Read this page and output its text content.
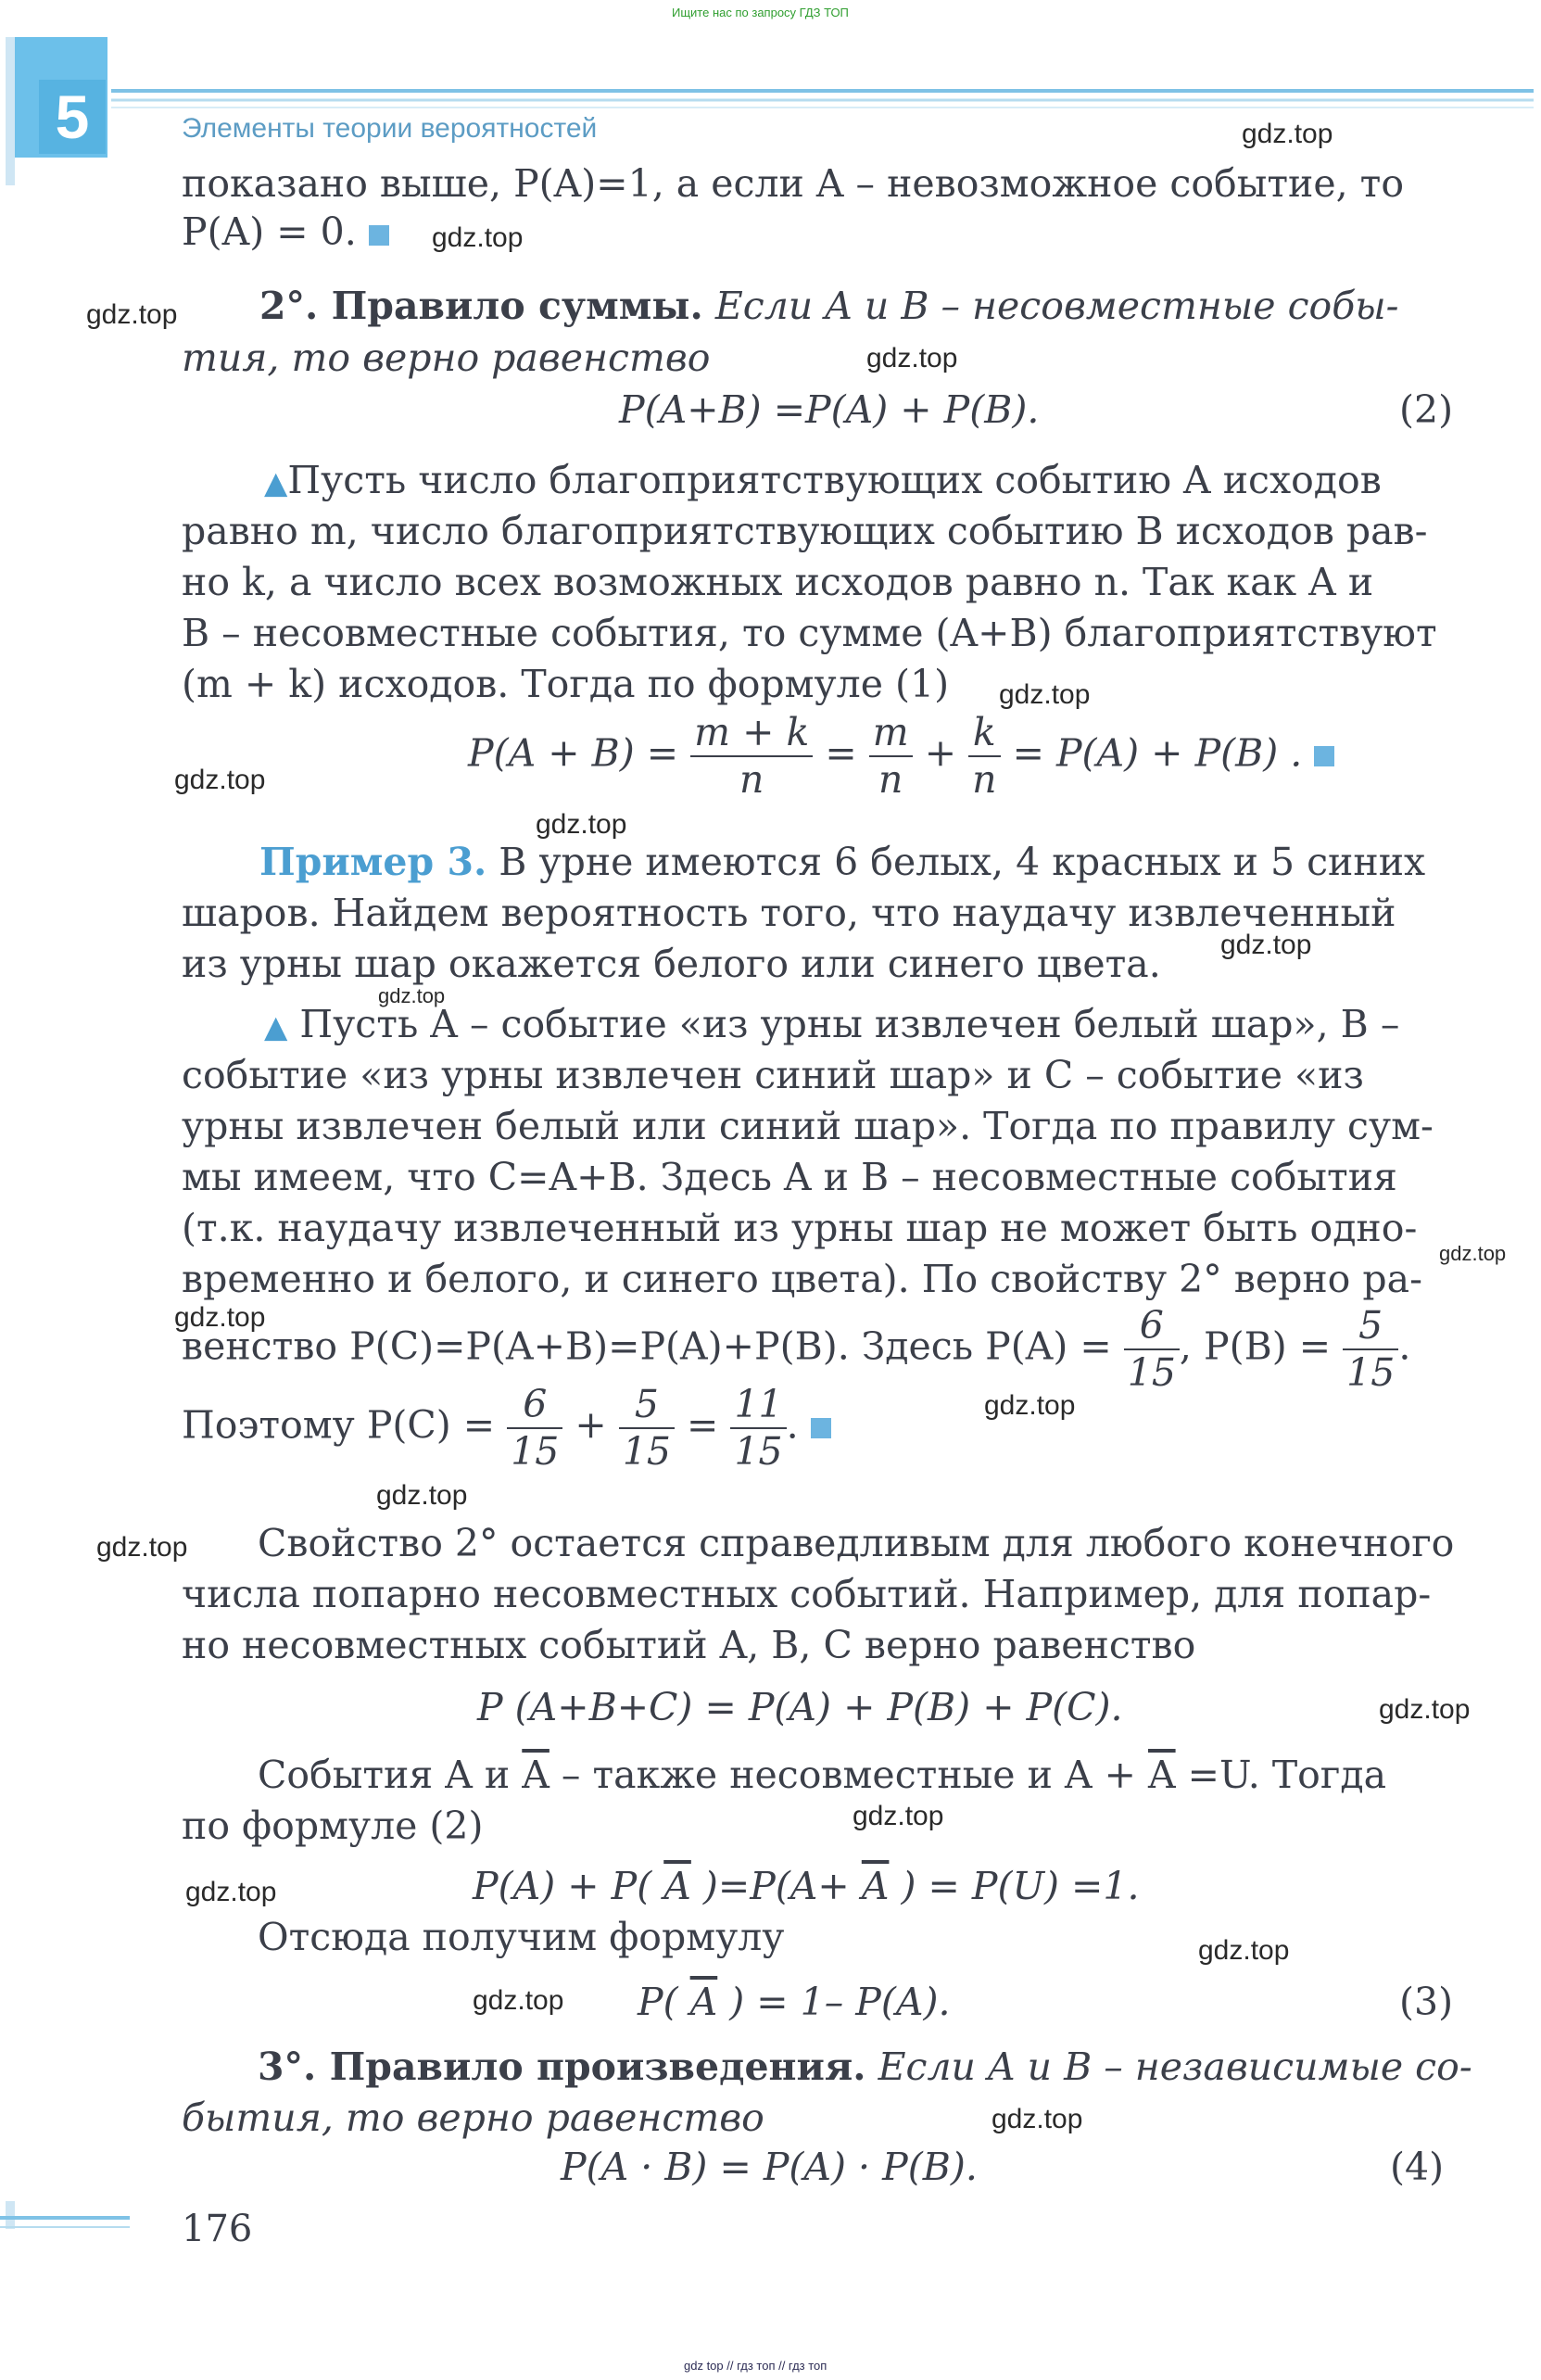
Ищите нас по запросу ГДЗ ТОП
5	Элементы теории вероятностей
показано выше, P(A)=1, а если A – невозможное событие, то
P(A) = 0.
2°. Правило суммы. Если A и B – несовместные собы-
тия, то верно равенство
P(A+B) =P(A) + P(B).	(2)
▲Пусть число благоприятствующих событию A исходов
равно m, число благоприятствующих событию B исходов рав-
но k, а число всех возможных исходов равно n. Так как A и
B – несовместные события, то сумме (A+B) благоприятствуют
(m + k) исходов. Тогда по формуле (1)
$P(A + B) = \frac{m + k}{n} = \frac{m}{n} + \frac{k}{n} = P(A) + P(B)$ .
Пример 3. В урне имеются 6 белых, 4 красных и 5 синих
шаров. Найдем вероятность того, что наудачу извлеченный
из урны шар окажется белого или синего цвета.
▲ Пусть A – событие «из урны извлечен белый шар», B –
событие «из урны извлечен синий шар» и C – событие «из
урны извлечен белый или синий шар». Тогда по правилу сум-
мы имеем, что C=A+B. Здесь A и B – несовместные события
(т.к. наудачу извлеченный из урны шар не может быть одно-
временно и белого, и синего цвета). По свойству 2° верно ра-
венство P(C)=P(A+B)=P(A)+P(B). Здесь $P(A) = \frac{6}{15}$ , $P(B) = \frac{5}{15}$ .
Поэтому $P(C) = \frac{6}{15} + \frac{5}{15} = \frac{11}{15}$ .
Свойство 2° остается справедливым для любого конечного
числа попарно несовместных событий. Например, для попар-
но несовместных событий A, B, C верно равенство
P (A+B+C) = P(A) + P(B) + P(C).
События A и $\overline{A}$ – также несовместные и $A + \overline{A} =U$. Тогда
по формуле (2)
P(A) + P( $\overline{A}$ )$=P(A+ \overline{A}$ ) = P(U) =1.
Отсюда получим формулу
P( $\overline{A}$ ) = 1– P(A).	(3)
3°. Правило произведения. Если A и B – независимые со-
бытия, то верно равенство
P(A · B) = P(A) · P(B).	(4)
176
gdz.top
gdz.top
gdz.top
gdz.top
gdz.top
gdz.top
gdz.top
gdz.top
gdz.top
gdz.top
gdz.top
gdz.top
gdz.top
gdz.top
gdz.top
gdz.top
gdz.top
gdz.top
gdz.top
gdz.top
gdz top // гдз топ // гдз топ
